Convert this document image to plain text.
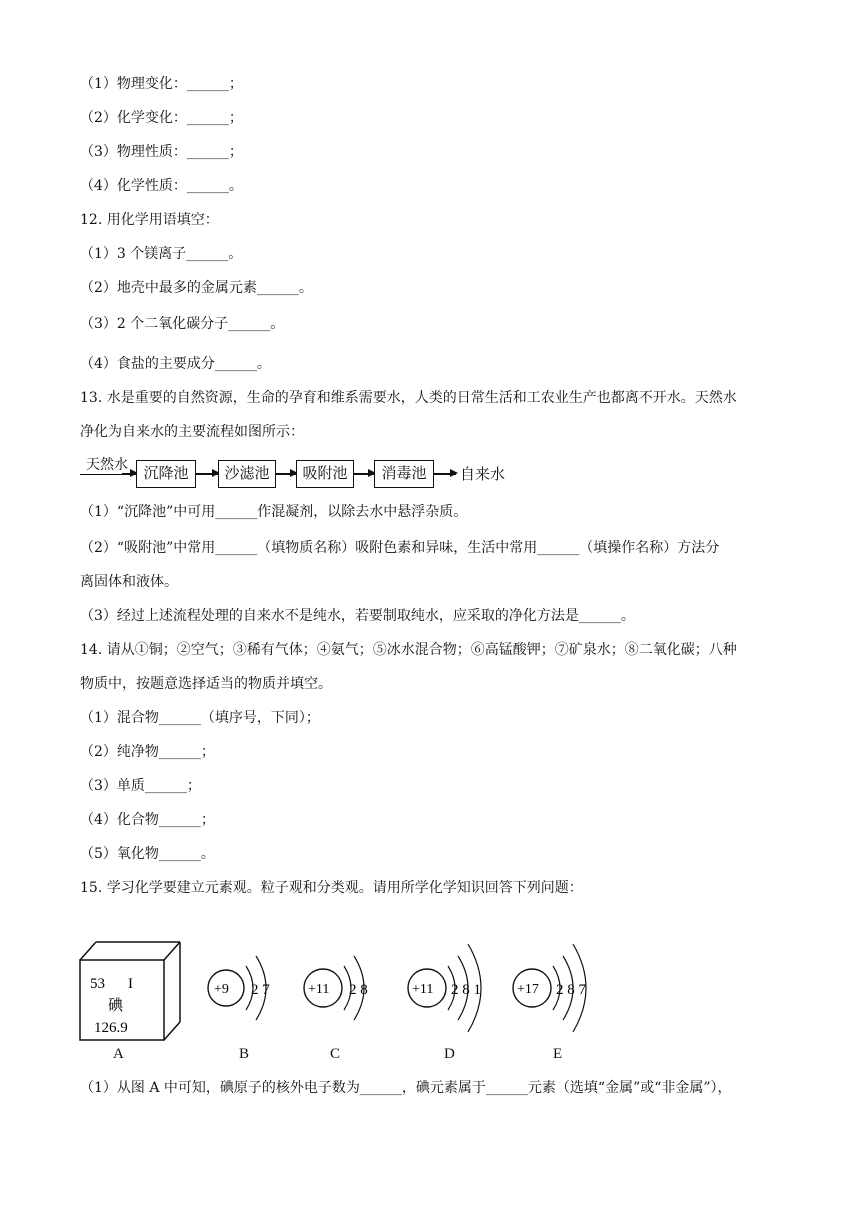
（1）物理变化：______；
（2）化学变化：______；
（3）物理性质：______；
（4）化学性质：______。
12. 用化学用语填空：
（1）3 个镁离子______。
（2）地壳中最多的金属元素______。
（3）2 个二氧化碳分子______。
（4）食盐的主要成分______。
13. 水是重要的自然资源，生命的孕育和维系需要水，人类的日常生活和工农业生产也都离不开水。天然水
净化为自来水的主要流程如图所示：
天然水	沉降池	沙滤池	吸附池	消毒池	自来水
（1）“沉降池”中可用______作混凝剂，以除去水中悬浮杂质。
（2）“吸附池”中常用______（填物质名称）吸附色素和异味，生活中常用______（填操作名称）方法分
离固体和液体。
（3）经过上述流程处理的自来水不是纯水，若要制取纯水，应采取的净化方法是______。
14. 请从①铜；②空气；③稀有气体；④氨气；⑤冰水混合物；⑥高锰酸钾；⑦矿泉水；⑧二氧化碳；八种
物质中，按题意选择适当的物质并填空。
（1）混合物______（填序号，下同）；
（2）纯净物______；
（3）单质______；
（4）化合物______；
（5）氧化物______。
15. 学习化学要建立元素观。粒子观和分类观。请用所学化学知识回答下列问题：
53 I
碘
126.9
+9 2 7	+11 2 8	+11 2 8 1	+17 2 8 7
A	B	C	D	E
（1）从图 A 中可知，碘原子的核外电子数为______，碘元素属于______元素（选填“金属”或“非金属”），
